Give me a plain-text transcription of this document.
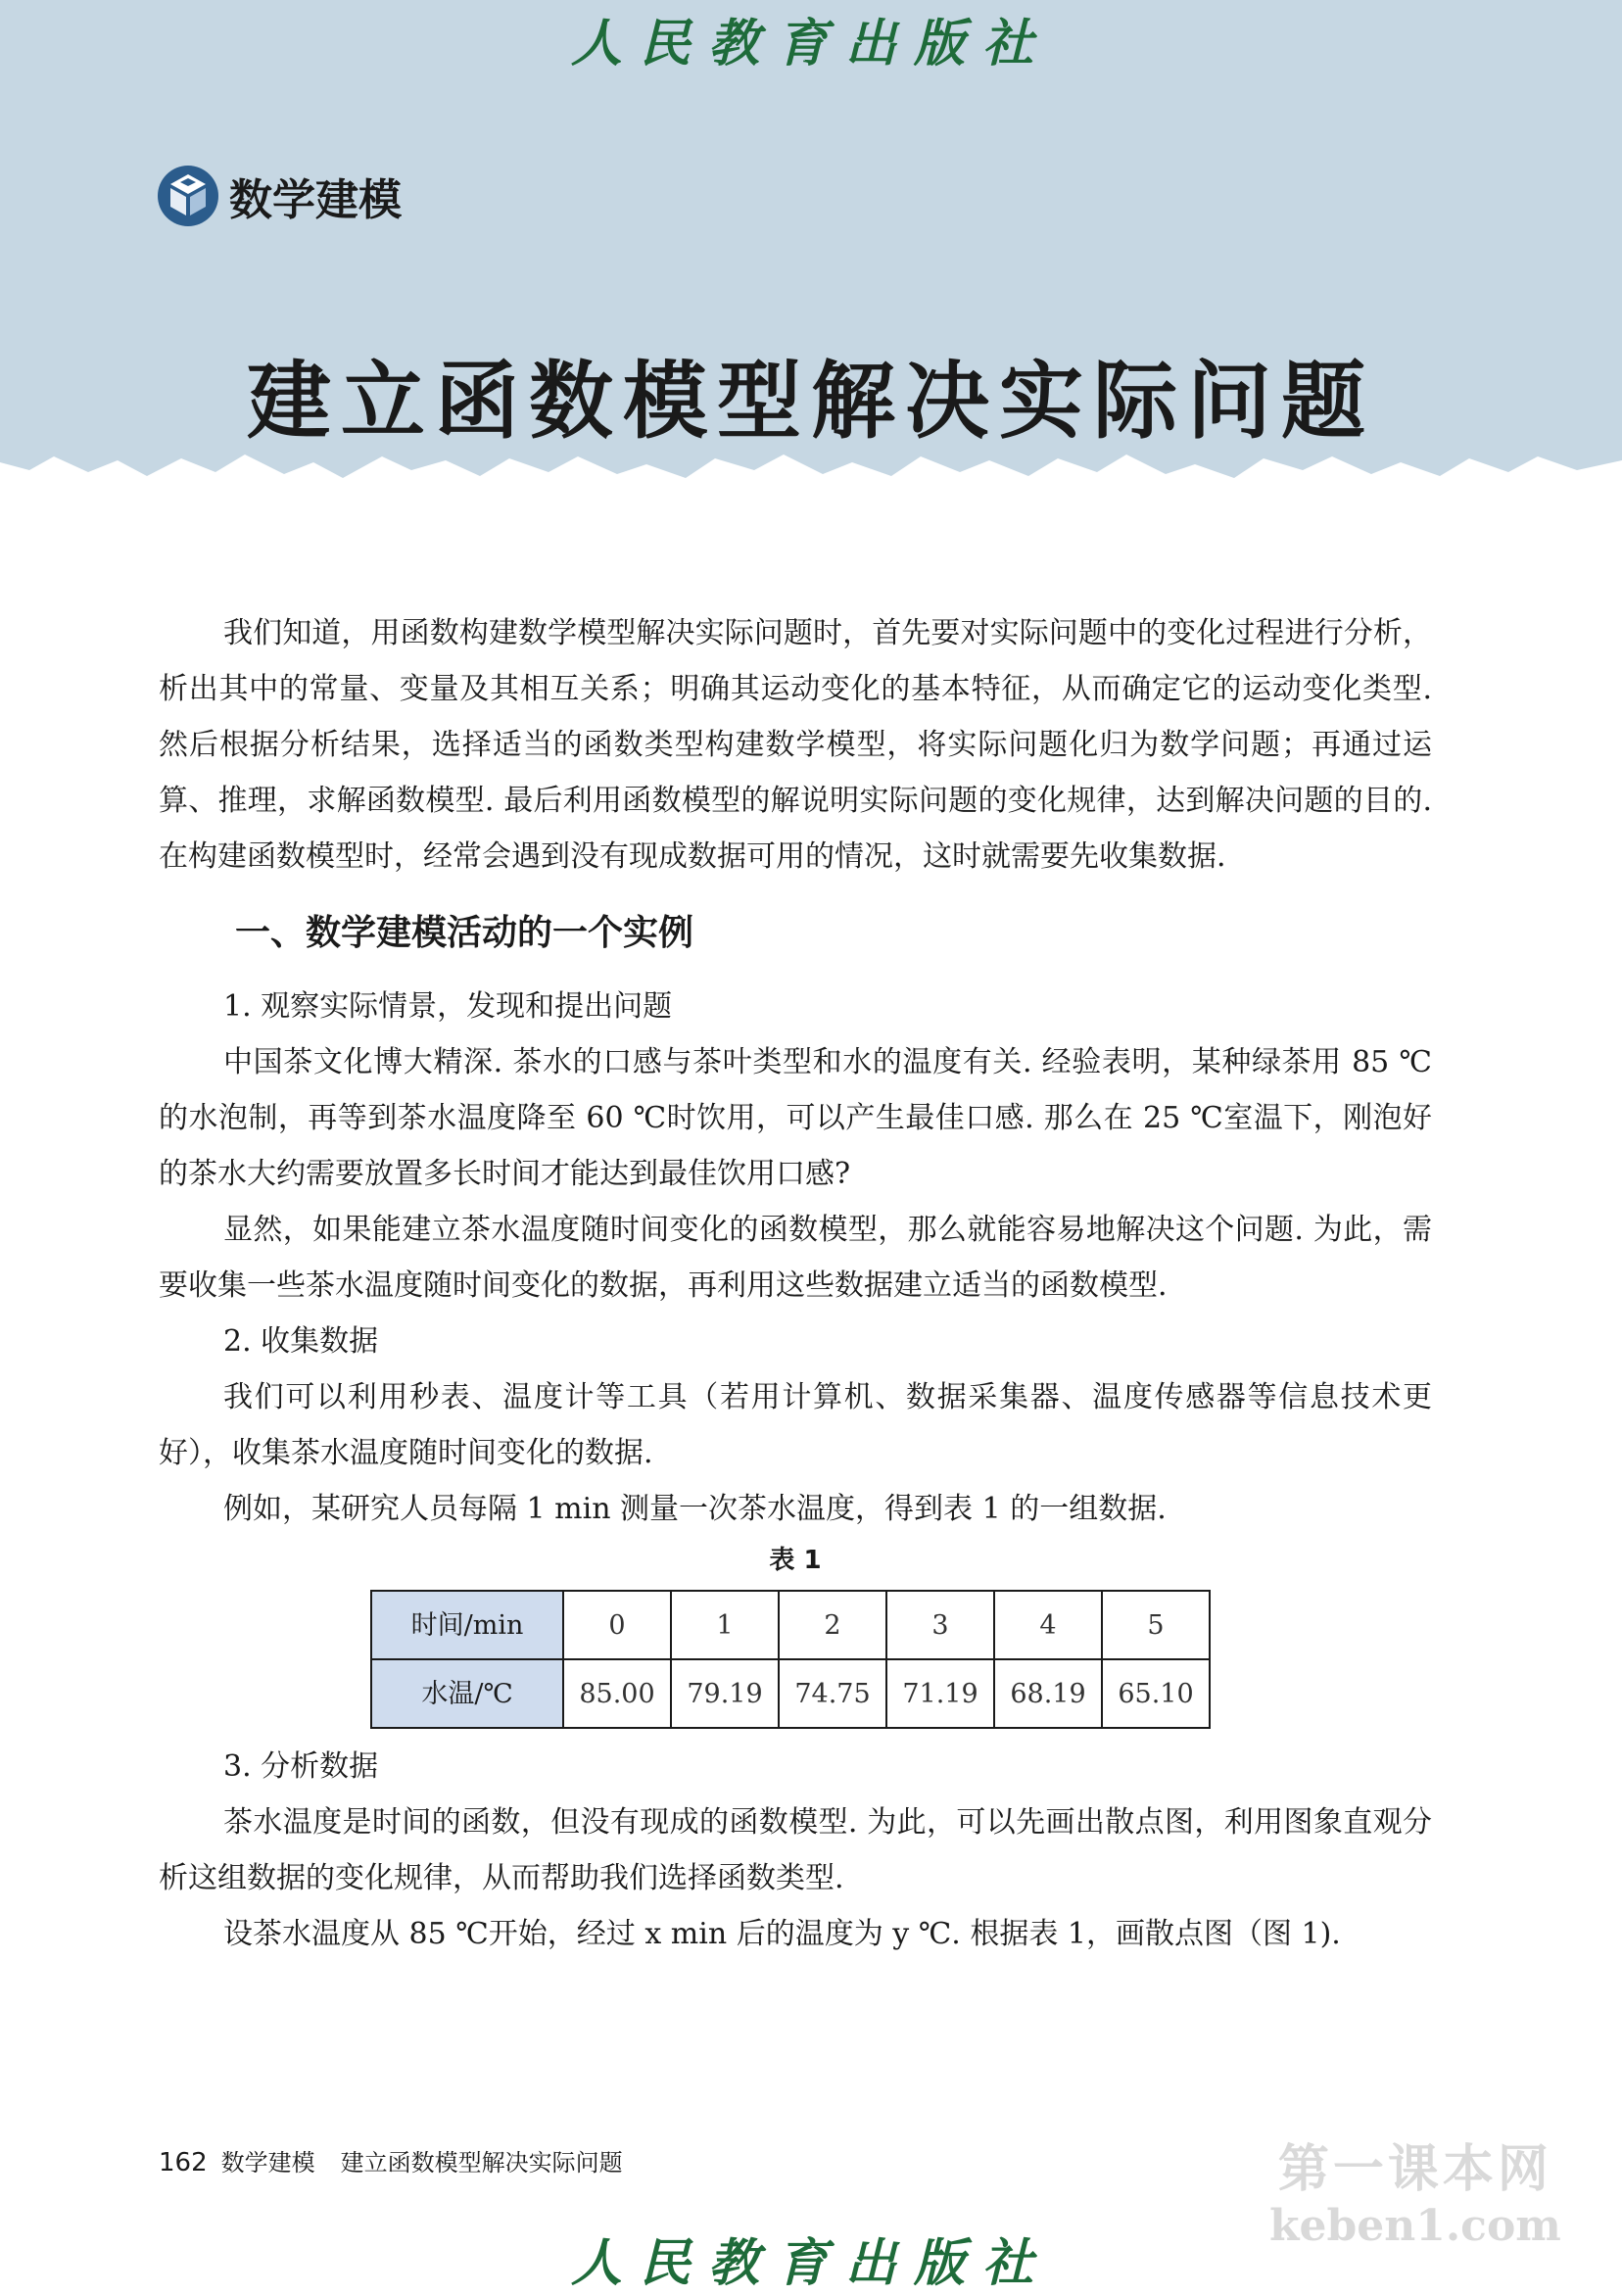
人民教育出版社
数学建模
建立函数模型解决实际问题

我们知道，用函数构建数学模型解决实际问题时，首先要对实际问题中的变化过程进行分析，析出其中的常量、变量及其相互关系；明确其运动变化的基本特征，从而确定它的运动变化类型. 然后根据分析结果，选择适当的函数类型构建数学模型，将实际问题化归为数学问题；再通过运算、推理，求解函数模型. 最后利用函数模型的解说明实际问题的变化规律，达到解决问题的目的. 在构建函数模型时，经常会遇到没有现成数据可用的情况，这时就需要先收集数据.

一、数学建模活动的一个实例

1. 观察实际情景，发现和提出问题

中国茶文化博大精深. 茶水的口感与茶叶类型和水的温度有关. 经验表明，某种绿茶用 85 ℃的水泡制，再等到茶水温度降至 60 ℃时饮用，可以产生最佳口感. 那么在 25 ℃室温下，刚泡好的茶水大约需要放置多长时间才能达到最佳饮用口感?

显然，如果能建立茶水温度随时间变化的函数模型，那么就能容易地解决这个问题. 为此，需要收集一些茶水温度随时间变化的数据，再利用这些数据建立适当的函数模型.

2. 收集数据

我们可以利用秒表、温度计等工具（若用计算机、数据采集器、温度传感器等信息技术更好），收集茶水温度随时间变化的数据.

例如，某研究人员每隔 1 min 测量一次茶水温度，得到表 1 的一组数据.

表 1
时间/min	0	1	2	3	4	5
水温/℃	85.00	79.19	74.75	71.19	68.19	65.10

3. 分析数据

茶水温度是时间的函数，但没有现成的函数模型. 为此，可以先画出散点图，利用图象直观分析这组数据的变化规律，从而帮助我们选择函数类型.

设茶水温度从 85 ℃开始，经过 x min 后的温度为 y ℃. 根据表 1，画散点图（图 1).

162 数学建模 建立函数模型解决实际问题	第一课本网
keben1.com
人民教育出版社
